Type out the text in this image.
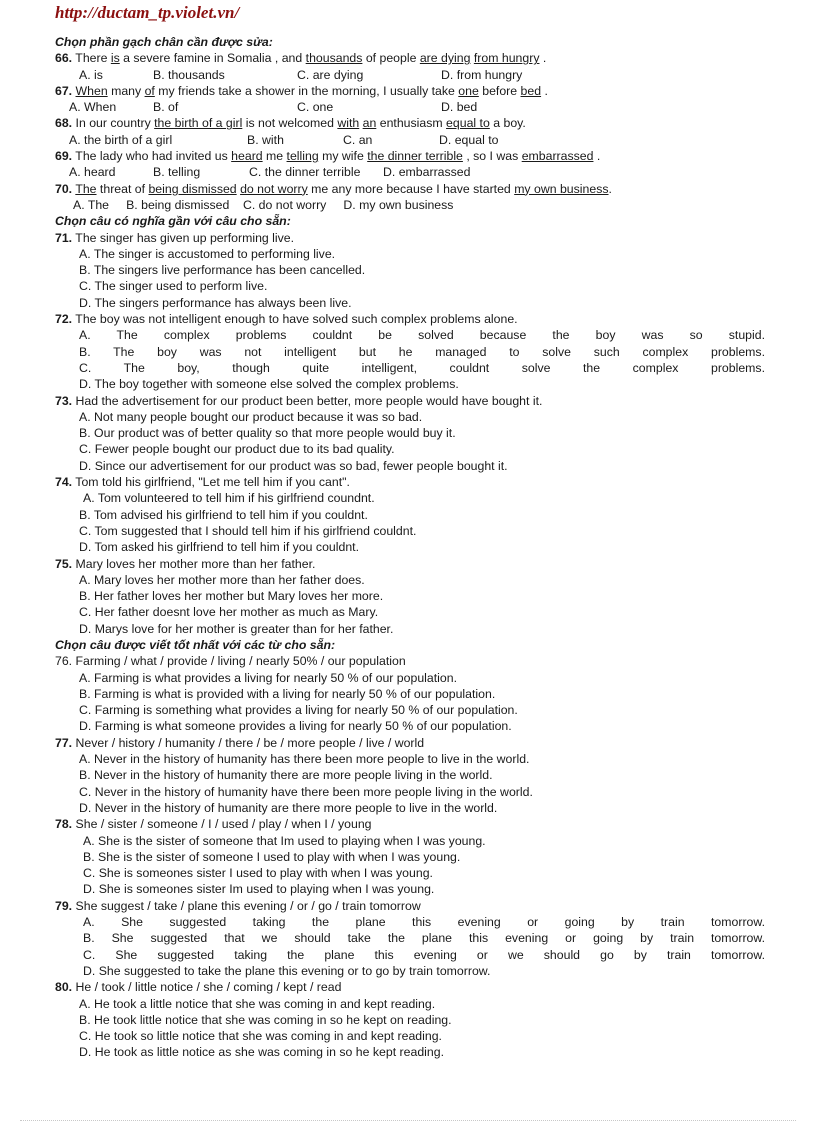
http://ductam_tp.violet.vn/

Chọn phần gạch chân cần được sửa:

66. There is a severe famine in Somalia , and thousands of people are dying from hungry .

A. is	B. thousands	C. are dying	D. from hungry

67. When many of my friends take a shower in the morning, I usually take one before bed .

A. When	B. of	C. one	D. bed

68. In our country the birth of a girl is not welcomed with an enthusiasm equal to a boy.

A. the birth of a girl	B. with	C. an	D. equal to

69. The lady who had invited us heard me telling my wife the dinner terrible , so I was embarrassed .

A. heard	B. telling	C. the dinner terrible D. embarrassed

70. The threat of being dismissed do not worry me any more because I have started my own business.

A. The     B. being dismissed    C. do not worry     D. my own business

Chọn câu có nghĩa gần với câu cho sẵn:

71. The singer has given up performing live.

A. The singer is accustomed to performing live.

B. The singers live performance has been cancelled.

C. The singer used to perform live.

D. The singers performance has always been live.

72. The boy was not intelligent enough to have solved such complex problems alone.

A. The complex problems couldnt be solved because the boy was so stupid.

B. The boy was not intelligent but he managed to solve such complex problems.

C. The boy, though quite intelligent, couldnt solve the complex problems.

D. The boy together with someone else solved the complex problems.

73. Had the advertisement for our product been better, more people would have bought it.

A. Not many people bought our product because it was so bad.

B. Our product was of better quality so that more people would buy it.

C. Fewer people bought our product due to its bad quality.

D. Since our advertisement for our product was so bad, fewer people bought it.

74. Tom told his girlfriend, "Let me tell him if you cant".

A. Tom volunteered to tell him if his girlfriend coundnt.

B. Tom advised his girlfriend to tell him if you couldnt.

C. Tom suggested that I should tell him if his girlfriend couldnt.

D. Tom asked his girlfriend to tell him if you couldnt.

75. Mary loves her mother more than her father.

A. Mary loves her mother more than her father does.

B. Her father loves her mother but Mary loves her more.

C. Her father doesnt love her mother as much as Mary.

D. Marys love for her mother is greater than for her father.

Chọn câu được viết tốt nhất với các từ cho sẵn:

76. Farming / what / provide / living / nearly 50% / our population

A. Farming is what provides a living for nearly 50 % of our population.

B. Farming is what is provided with a living for nearly 50 % of our population.

C. Farming is something what provides a living for nearly 50 % of our population.

D. Farming is what someone provides a living for nearly 50 % of our population.

77. Never / history / humanity / there / be / more people / live / world

A. Never in the history of humanity has there been more people to live in the world.

B. Never in the history of humanity there are more people living in the world.

C. Never in the history of humanity have there been more people living in the world.

D. Never in the history of humanity are there more people to live in the world.

78. She / sister / someone / I / used / play / when I / young

A. She is the sister of someone that Im used to playing when I was young.

B. She is the sister of someone I used to play with when I was young.

C. She is someones sister I used to play with when I was young.

D. She is someones sister Im used to playing when I was young.

79. She suggest / take / plane this evening / or / go / train tomorrow

A. She suggested taking the plane this evening or going by train tomorrow.

B. She suggested that we should take the plane this evening or going by train tomorrow.

C. She suggested taking the plane this evening or we should go by train tomorrow.

D. She suggested to take the plane this evening or to go by train tomorrow.

80. He / took / little notice / she / coming / kept / read

A. He took a little notice that she was coming in and kept reading.

B. He took little notice that she was coming in so he kept on reading.

C. He took so little notice that she was coming in and kept reading.

D. He took as little notice as she was coming in so he kept reading.
